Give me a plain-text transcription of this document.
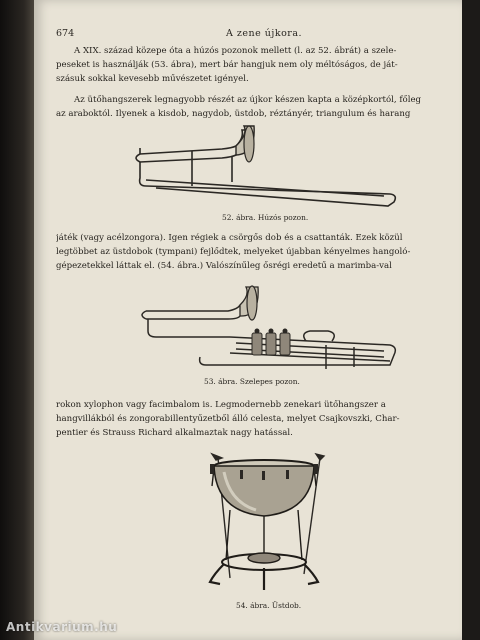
674	A zene újkora.
A XIX. század közepe óta a húzós pozonok mellett (l. az 52. ábrát) a szele-
peseket is használják (53. ábra), mert bár hangjuk nem oly méltóságos, de ját-
szásuk sokkal kevesebb művészetet igényel.
Az ütőhangszerek legnagyobb részét az újkor készen kapta a középkortól, főleg
az araboktól. Ilyenek a kisdob, nagydob, üstdob, réztányér, triangulum és harang
52. ábra. Húzós pozon.
játék (vagy acélzongora). Igen régiek a csörgős dob és a csattanták. Ezek közül
legtöbbet az üstdobok (tympani) fejlődtek, melyeket újabban kényelmes hangoló-
gépezetekkel láttak el. (54. ábra.) Valószínűleg ősrégi eredetű a marimba-val
53. ábra. Szelepes pozon.
rokon xylophon vagy facimbalom is. Legmodernebb zenekari ütőhangszer a
hangvillákból és zongorabillentyűzetből álló celesta, melyet Csajkovszki, Char-
pentier és Strauss Richard alkalmaztak nagy hatással.
54. ábra. Üstdob.
Antikvarium.hu
